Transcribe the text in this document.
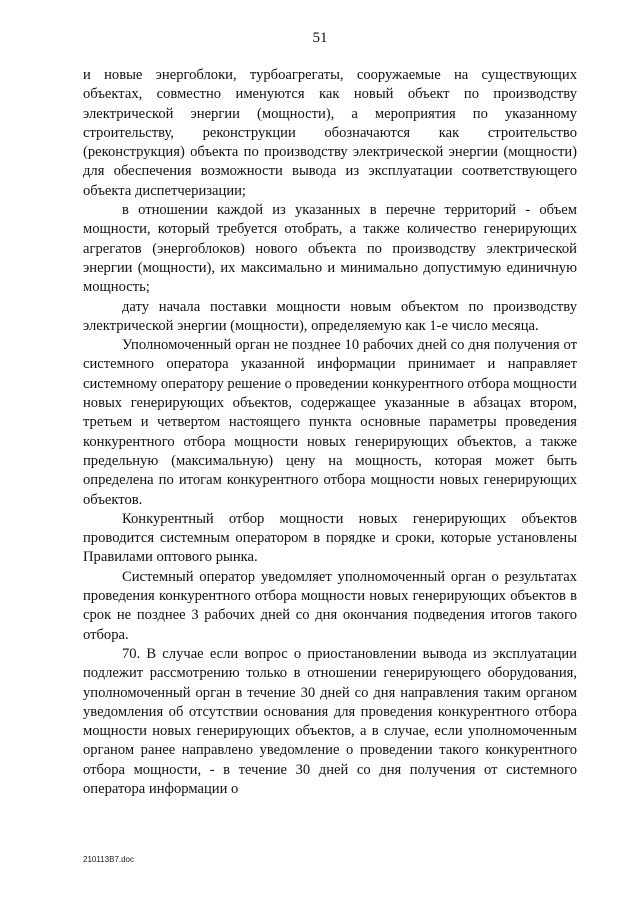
51

и новые энергоблоки, турбоагрегаты, сооружаемые на существующих объектах, совместно именуются как новый объект по производству электрической энергии (мощности), а мероприятия по указанному строительству, реконструкции обозначаются как строительство (реконструкция) объекта по производству электрической энергии (мощности) для обеспечения возможности вывода из эксплуатации соответствующего объекта диспетчеризации;

в отношении каждой из указанных в перечне территорий - объем мощности, который требуется отобрать, а также количество генерирующих агрегатов (энергоблоков) нового объекта по производству электрической энергии (мощности), их максимально и минимально допустимую единичную мощность;

дату начала поставки мощности новым объектом по производству электрической энергии (мощности), определяемую как 1-е число месяца.

Уполномоченный орган не позднее 10 рабочих дней со дня получения от системного оператора указанной информации принимает и направляет системному оператору решение о проведении конкурентного отбора мощности новых генерирующих объектов, содержащее указанные в абзацах втором, третьем и четвертом настоящего пункта основные параметры проведения конкурентного отбора мощности новых генерирующих объектов, а также предельную (максимальную) цену на мощность, которая может быть определена по итогам конкурентного отбора мощности новых генерирующих объектов.

Конкурентный отбор мощности новых генерирующих объектов проводится системным оператором в порядке и сроки, которые установлены Правилами оптового рынка.

Системный оператор уведомляет уполномоченный орган о результатах проведения конкурентного отбора мощности новых генерирующих объектов в срок не позднее 3 рабочих дней со дня окончания подведения итогов такого отбора.

70. В случае если вопрос о приостановлении вывода из эксплуатации подлежит рассмотрению только в отношении генерирующего оборудования, уполномоченный орган в течение 30 дней со дня направления таким органом уведомления об отсутствии основания для проведения конкурентного отбора мощности новых генерирующих объектов, а в случае, если уполномоченным органом ранее направлено уведомление о проведении такого конкурентного отбора мощности, - в течение 30 дней со дня получения от системного оператора информации о

210113B7.doc
